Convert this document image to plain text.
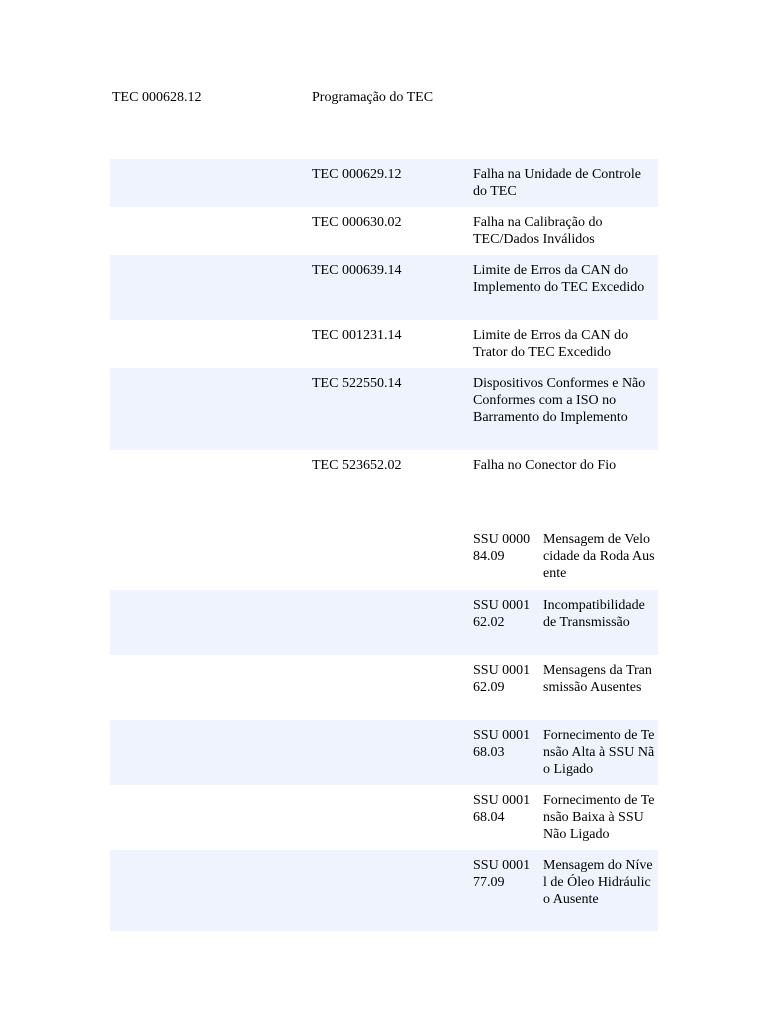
TEC 000628.12	Programação do TEC
TEC 000629.12	Falha na Unidade de Controle do TEC
TEC 000630.02	Falha na Calibração do TEC/Dados Inválidos
TEC 000639.14	Limite de Erros da CAN do Implemento do TEC Excedido
TEC 001231.14	Limite de Erros da CAN do Trator do TEC Excedido
TEC 522550.14	Dispositivos Conformes e Não Conformes com a ISO no Barramento do Implemento
TEC 523652.02	Falha no Conector do Fio
SSU 000084.09
Mensagem de Velocidade da Roda Ausente
SSU 000162.02
Incompatibilidade de Transmissão
SSU 000162.09
Mensagens da Transmissão Ausentes
SSU 000168.03
Fornecimento de Tensão Alta à SSU Não Ligado
SSU 000168.04
Fornecimento de Tensão Baixa à SSU Não Ligado
SSU 000177.09
Mensagem do Nível de Óleo Hidráulico Ausente
